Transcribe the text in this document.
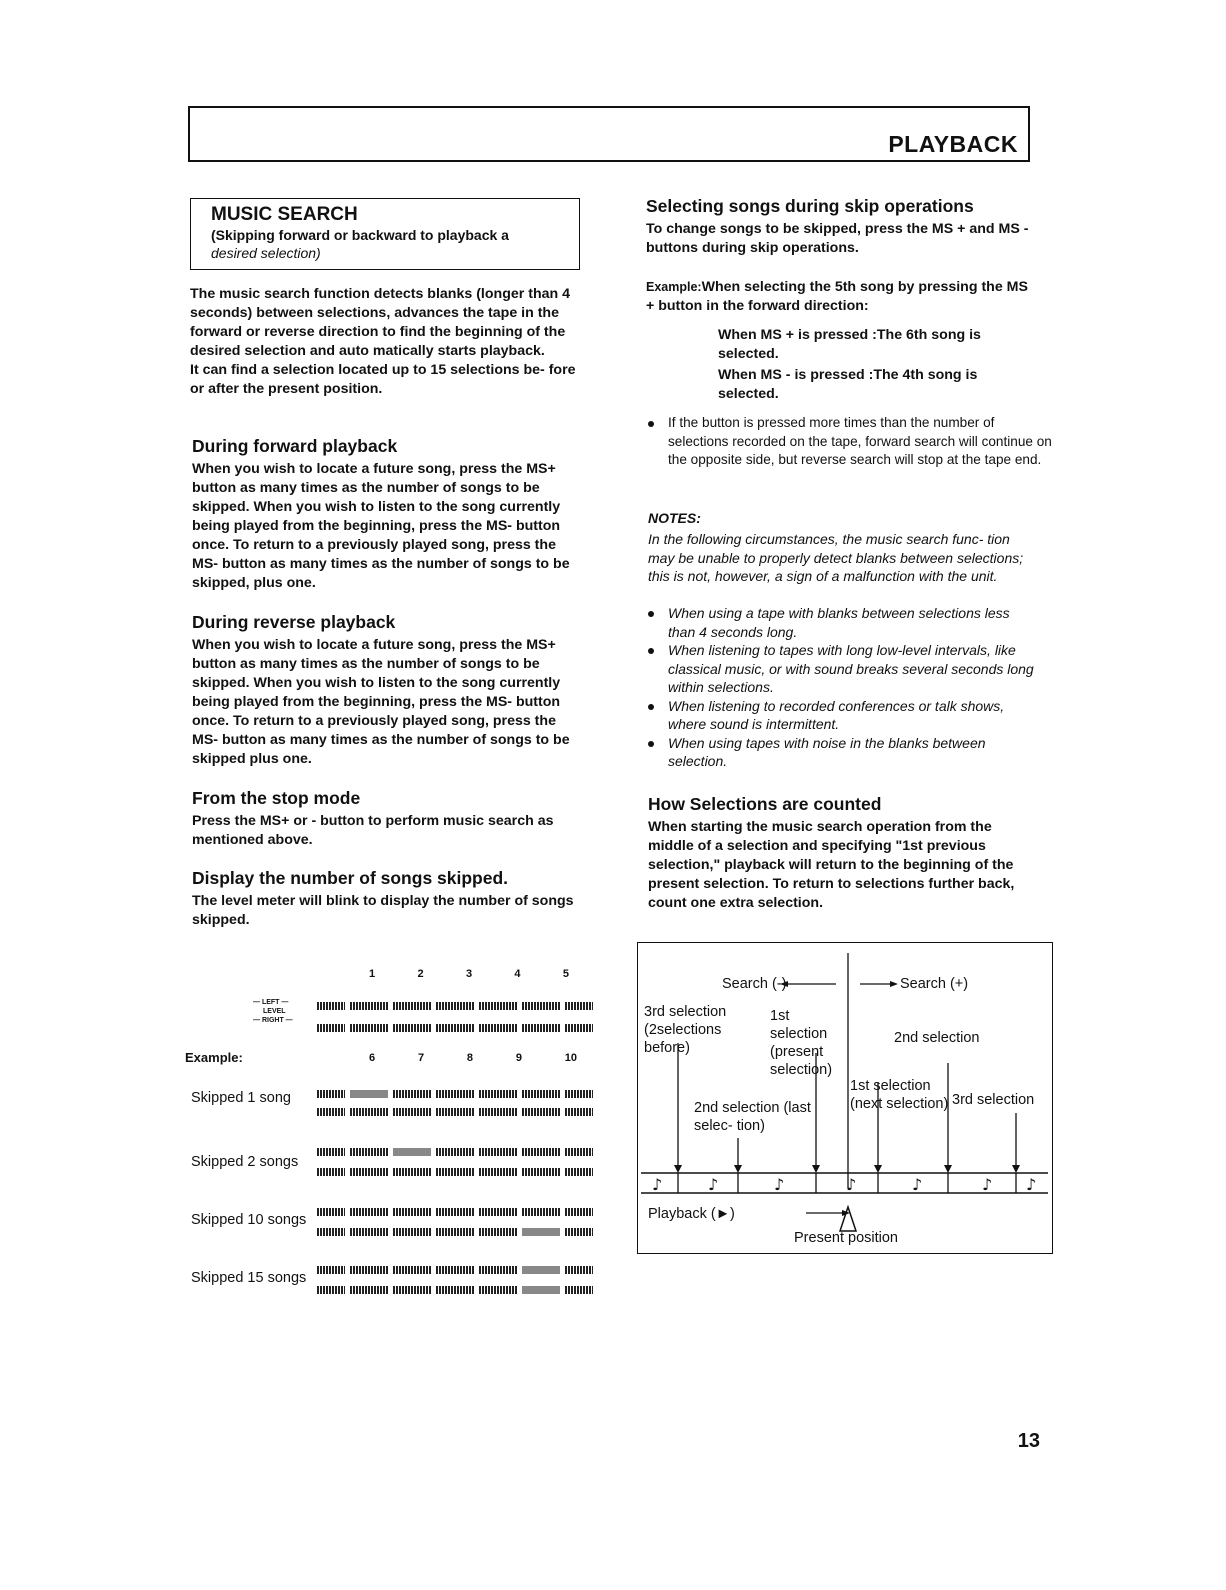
PLAYBACK
MUSIC SEARCH
(Skipping forward or backward to playback a
desired selection)
The music search function detects blanks (longer than 4 seconds) between selections, advances the tape in the forward or reverse direction to find the beginning of the desired selection and auto matically starts playback.
It can find a selection located up to 15 selections be- fore or after the present position.
During forward playback
When you wish to locate a future song, press the MS+ button as many times as the number of songs to be skipped. When you wish to listen to the song currently being played from the beginning, press the MS- button once. To return to a previously played song, press the MS- button as many times as the number of songs to be skipped, plus one.
During reverse playback
When you wish to locate a future song, press the MS+ button as many times as the number of songs to be skipped. When you wish to listen to the song currently being played from the beginning, press the MS- button once. To return to a previously played song, press the MS- button as many times as the number of songs to be skipped plus one.
From the stop mode
Press the MS+ or - button to perform music search as mentioned above.
Display the number of songs skipped.
The level meter will blink to display the number of songs skipped.
1	2	3	4	5
— LEFT —
LEVEL
— RIGHT —
6	7	8	9	10
Example:
Skipped 1 song
Skipped 2 songs
Skipped 10 songs
Skipped 15 songs
Selecting songs during skip operations
To change songs to be skipped, press the MS + and MS - buttons during skip operations.
Example:When selecting the 5th song by pressing the MS + button in the forward direction:
When MS + is pressed :The 6th song is selected.
When MS - is pressed :The 4th song is selected.
If the button is pressed more times than the number of selections recorded on the tape, forward search will continue on the opposite side, but reverse search will stop at the tape end.
NOTES:
In the following circumstances, the music search func- tion may be unable to properly detect blanks between selections; this is not, however, a sign of a malfunction with the unit.
When using a tape with blanks between selections less than 4 seconds long.
When listening to tapes with long low-level intervals, like classical music, or with sound breaks several seconds long within selections.
When listening to recorded conferences or talk shows, where sound is intermittent.
When using tapes with noise in the blanks between selection.
How Selections are counted
When starting the music search operation from the middle of a selection and specifying "1st previous selection," playback will return to the beginning of the present selection. To return to selections further back, count one extra selection.
♪	♪	♪	♪	♪	♪ ♪
Search (-)	Search (+)
3rd selection (2selections before)
1st selection (present selection)
2nd selection
2nd selection (last selec- tion)
1st selection (next selection) 3rd selection
Playback (►)
Present position
13
